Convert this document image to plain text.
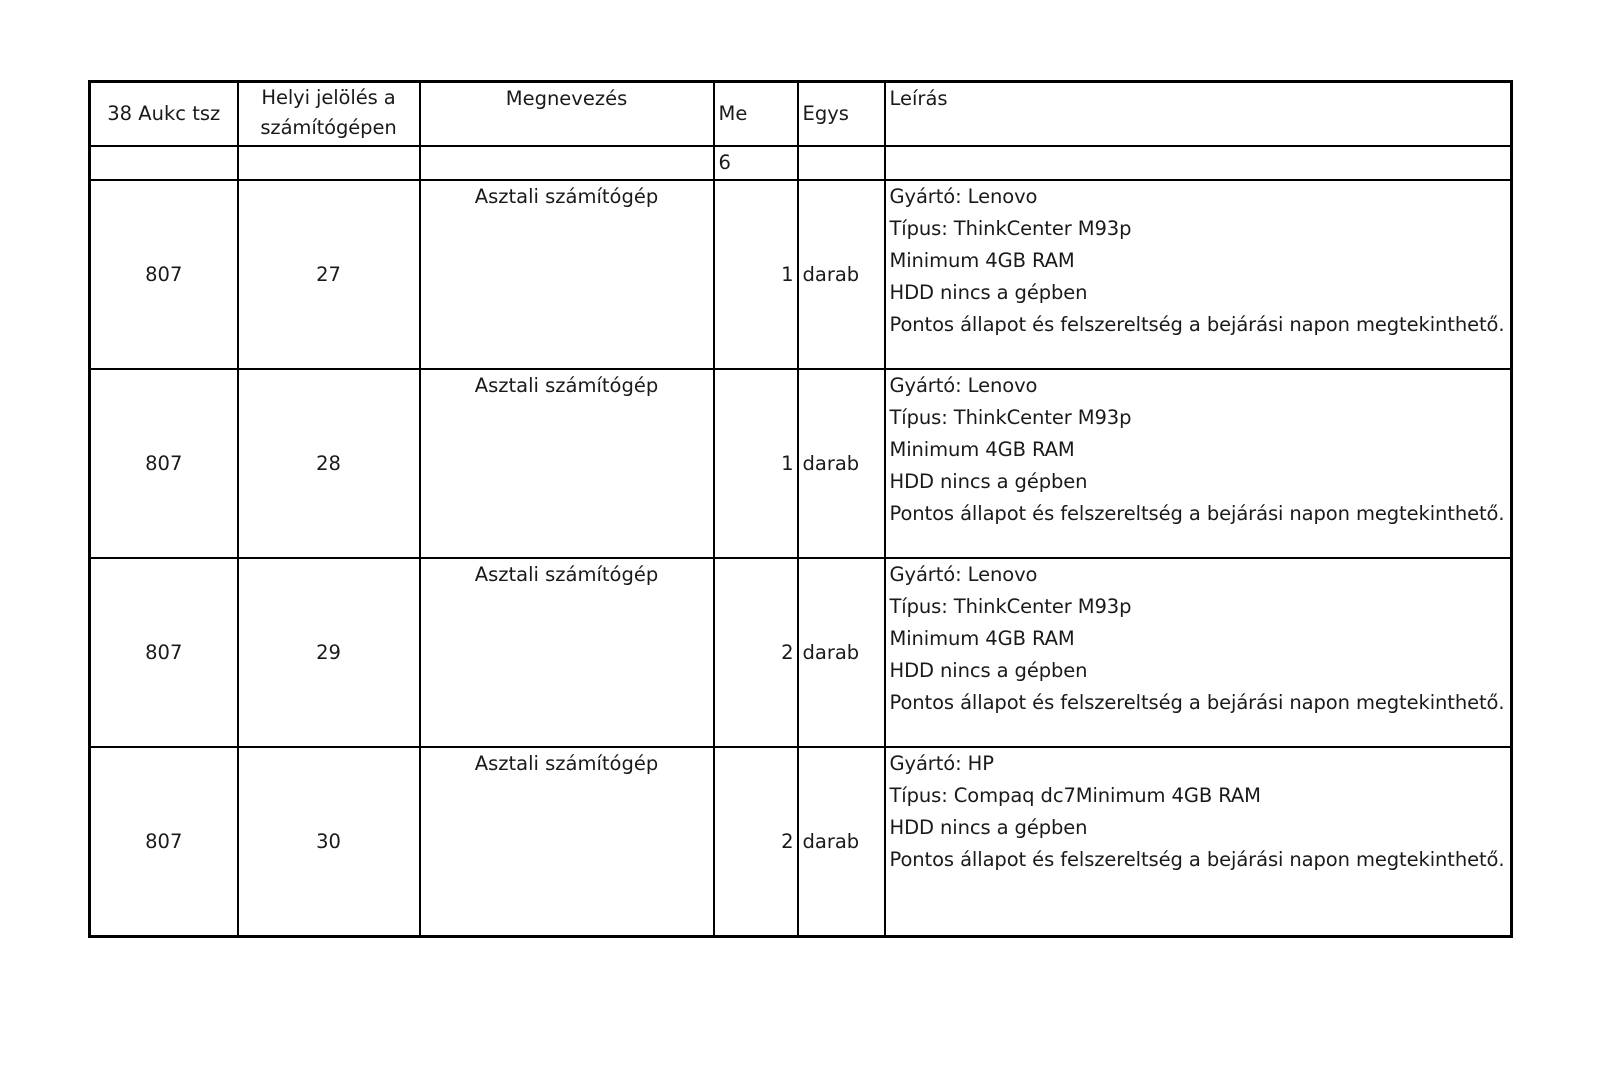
38 Aukc tsz	Helyi jelölés a
számítógépen	Megnevezés	Me	Egys	Leírás
			6		
807	27	Asztali számítógép	1	darab	Gyártó: Lenovo
Típus: ThinkCenter M93p
Minimum 4GB RAM
HDD nincs a gépben
Pontos állapot és felszereltség a bejárási napon megtekinthető.

807	28	Asztali számítógép	1	darab	Gyártó: Lenovo
Típus: ThinkCenter M93p
Minimum 4GB RAM
HDD nincs a gépben
Pontos állapot és felszereltség a bejárási napon megtekinthető.

807	29	Asztali számítógép	2	darab	Gyártó: Lenovo
Típus: ThinkCenter M93p
Minimum 4GB RAM
HDD nincs a gépben
Pontos állapot és felszereltség a bejárási napon megtekinthető.

807	30	Asztali számítógép	2	darab	Gyártó: HP
Típus: Compaq dc7Minimum 4GB RAM
HDD nincs a gépben
Pontos állapot és felszereltség a bejárási napon megtekinthető.
